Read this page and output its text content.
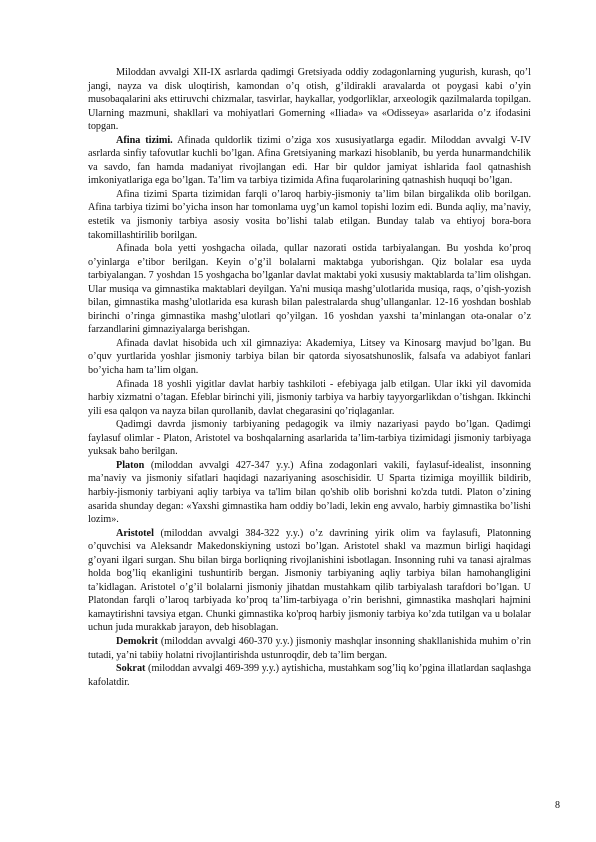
Miloddan avvalgi XII-IX asrlarda qadimgi Gretsiyada oddiy zodagonlarning yugurish, kurash, qo’l jangi, nayza va disk uloqtirish, kamondan o’q otish, g’ildirakli aravalarda ot poygasi kabi o’yin musobaqalarini aks ettiruvchi chizmalar, tasvirlar, haykallar, yodgorliklar, arxeologik qazilmalarda topilgan. Ularning mazmuni, shakllari va mohiyatlari Gomerning «Iliada» va «Odisseya» asarlarida o’z ifodasini topgan.

Afina tizimi. Afinada quldorlik tizimi o’ziga xos xususiyatlarga egadir. Miloddan avvalgi V-IV asrlarda sinfiy tafovutlar kuchli bo’lgan. Afina Gretsiyaning markazi hisoblanib, bu yerda hunarmandchilik va savdo, fan hamda madaniyat rivojlangan edi. Har bir quldor jamiyat ishlarida faol qatnashish imkoniyatlariga ega bo’lgan. Ta’lim va tarbiya tizimida Afina fuqarolarining qatnashish huquqi bo’lgan.

Afina tizimi Sparta tizimidan farqli o’laroq harbiy-jismoniy ta’lim bilan birgalikda olib borilgan. Afina tarbiya tizimi bo’yicha inson har tomonlama uyg’un kamol topishi lozim edi. Bunda aqliy, ma’naviy, estetik va jismoniy tarbiya asosiy vosita bo’lishi talab etilgan. Bunday talab va ehtiyoj bora-bora takomillashtirilib borilgan.

Afinada bola yetti yoshgacha oilada, qullar nazorati ostida tarbiyalangan. Bu yoshda ko’proq o’yinlarga e’tibor berilgan. Keyin o’g’il bolalarni maktabga yuborishgan. Qiz bolalar esa uyda tarbiyalangan. 7 yoshdan 15 yoshgacha bo’lganlar davlat maktabi yoki xususiy maktablarda ta’lim olishgan. Ular musiqa va gimnastika maktablari deyilgan. Ya'ni musiqa mashg’ulotlarida musiqa, raqs, o’qish-yozish bilan, gimnastika mashg’ulotlarida esa kurash bilan palestralarda shug’ullanganlar. 12-16 yoshdan boshlab birinchi o’ringa gimnastika mashg’ulotlari qo’yilgan. 16 yoshdan yaxshi ta’minlangan ota-onalar o’z farzandlarini gimnaziyalarga berishgan.

Afinada davlat hisobida uch xil gimnaziya: Akademiya, Litsey va Kinosarg mavjud bo’lgan. Bu o’quv yurtlarida yoshlar jismoniy tarbiya bilan bir qatorda siyosatshunoslik, falsafa va adabiyot fanlari bo’yicha ham ta’lim olgan.

Afinada 18 yoshli yigitlar davlat harbiy tashkiloti - efebiyaga jalb etilgan. Ular ikki yil davomida harbiy xizmatni o’tagan. Efeblar birinchi yili, jismoniy tarbiya va harbiy tayyorgarlikdan o’tishgan. Ikkinchi yili esa qalqon va nayza bilan qurollanib, davlat chegarasini qo’riqlaganlar.

Qadimgi davrda jismoniy tarbiyaning pedagogik va ilmiy nazariyasi paydo bo’lgan. Qadimgi faylasuf olimlar - Platon, Aristotel va boshqalarning asarlarida ta’lim-tarbiya tizimidagi jismoniy tarbiyaga yuksak baho berilgan.

Platon (miloddan avvalgi 427-347 y.y.) Afina zodagonlari vakili, faylasuf-idealist, insonning ma’naviy va jismoniy sifatlari haqidagi nazariyaning asoschisidir. U Sparta tizimiga moyillik bildirib, harbiy-jismoniy tarbiyani aqliy tarbiya va ta'lim bilan qo'shib olib borishni ko'zda tutdi. Platon o’zining asarida shunday degan: «Yaxshi gimnastika ham oddiy bo’ladi, lekin eng avvalo, harbiy gimnastika bo’lishi lozim».

Aristotel (miloddan avvalgi 384-322 y.y.) o’z davrining yirik olim va faylasufi, Platonning o’quvchisi va Aleksandr Makedonskiyning ustozi bo’lgan. Aristotel shakl va mazmun birligi haqidagi g’oyani ilgari surgan. Shu bilan birga borliqning rivojlanishini isbotlagan. Insonning ruhi va tanasi ajralmas holda bog’liq ekanligini tushuntirib bergan. Jismoniy tarbiyaning aqliy tarbiya bilan hamohangligini ta’kidlagan. Aristotel o’g’il bolalarni jismoniy jihatdan mustahkam qilib tarbiyalash tarafdori bo’lgan. U Platondan farqli o’laroq tarbiyada ko’proq ta’lim-tarbiyaga o’rin berishni, gimnastika mashqlari hajmini kamaytirishni tavsiya etgan. Chunki gimnastika ko'proq harbiy jismoniy tarbiya ko’zda tutilgan va u bolalar uchun juda murakkab jarayon, deb hisoblagan.

Demokrit (miloddan avvalgi 460-370 y.y.) jismoniy mashqlar insonning shakllanishida muhim o’rin tutadi, ya’ni tabiiy holatni rivojlantirishda ustunroqdir, deb ta’lim bergan.

Sokrat (miloddan avvalgi 469-399 y.y.) aytishicha, mustahkam sog’liq ko’pgina illatlardan saqlashga kafolatdir.

8
